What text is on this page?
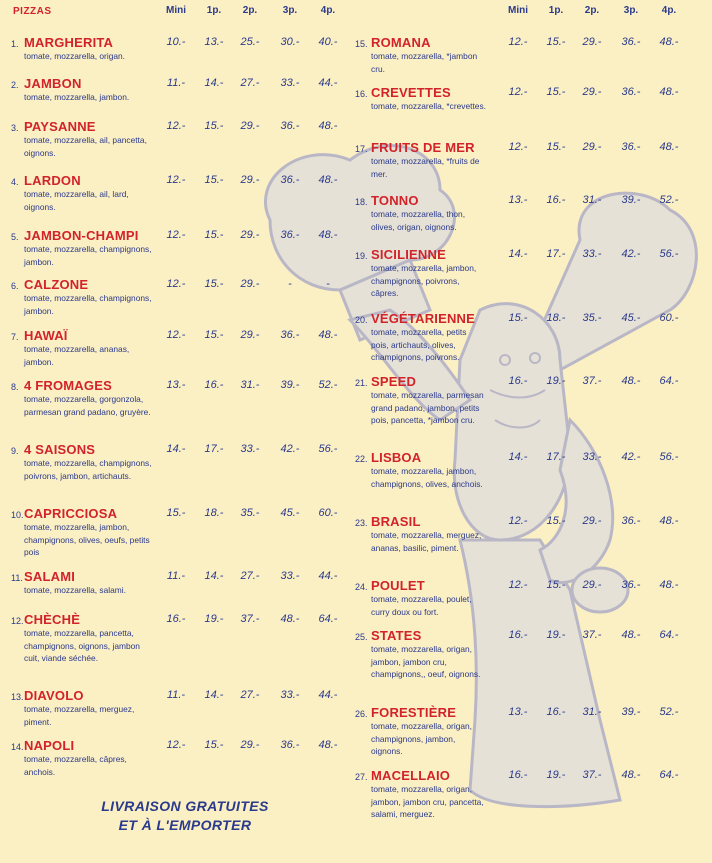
PIZZAS	Mini	1p.	2p.	3p.	4p.	Mini	1p.	2p.	3p.	4p.
1. MARGHERITA
tomate, mozzarella, origan.
10.-	13.-	25.-	30.-	40.-
2. JAMBON
tomate, mozzarella, jambon.
11.-	14.-	27.-	33.-	44.-
3. PAYSANNE
tomate, mozzarella, ail, pancetta, oignons.
12.-	15.-	29.-	36.-	48.-
4. LARDON
tomate, mozzarella, ail, lard, oignons.
12.-	15.-	29.-	36.-	48.-
5. JAMBON-CHAMPI
tomate, mozzarella, champignons, jambon.
12.-	15.-	29.-	36.-	48.-
6. CALZONE
tomate, mozzarella, champignons, jambon.
12.-	15.-	29.-	-	-
7. HAWAÏ
tomate, mozzarella, ananas, jambon.
12.-	15.-	29.-	36.-	48.-
8. 4 FROMAGES
tomate, mozzarella, gorgonzola, parmesan grand padano, gruyère.
13.-	16.-	31.-	39.-	52.-
9. 4 SAISONS
tomate, mozzarella, champignons, poivrons, jambon, artichauts.
14.-	17.-	33.-	42.-	56.-
10. CAPRICCIOSA
tomate, mozzarella, jambon, champignons, olives, oeufs, petits pois
15.-	18.-	35.-	45.-	60.-
11. SALAMI
tomate, mozzarella, salami.
11.-	14.-	27.-	33.-	44.-
12. CHÈCHÈ
tomate, mozzarella, pancetta, champignons, oignons, jambon cuit, viande séchée.
16.-	19.-	37.-	48.-	64.-
13. DIAVOLO
tomate, mozzarella, merguez, piment.
11.-	14.-	27.-	33.-	44.-
14. NAPOLI
tomate, mozzarella, câpres, anchois.
12.-	15.-	29.-	36.-	48.-
15. ROMANA
tomate, mozzarella, *jambon cru.
12.-	15.-	29.-	36.-	48.-
16. CREVETTES
tomate, mozzarella, *crevettes.
12.-	15.-	29.-	36.-	48.-
17. FRUITS DE MER
tomate, mozzarella, *fruits de mer.
12.-	15.-	29.-	36.-	48.-
18. TONNO
tomate, mozzarella, thon, olives, origan, oignons.
13.-	16.-	31.-	39.-	52.-
19. SICILIENNE
tomate, mozzarella, jambon, champignons, poivrons, câpres.
14.-	17.-	33.-	42.-	56.-
20. VÉGÉTARIENNE
tomate, mozzarella, petits pois, artichauts, olives, champignons, poivrons.
15.-	18.-	35.-	45.-	60.-
21. SPEED
tomate, mozzarella, parmesan grand padano, jambon, petits pois, pancetta, *jambon cru.
16.-	19.-	37.-	48.-	64.-
22. LISBOA
tomate, mozzarella, jambon, champignons, olives, anchois.
14.-	17.-	33.-	42.-	56.-
23. BRASIL
tomate, mozzarella, merguez, ananas, basilic, piment.
12.-	15.-	29.-	36.-	48.-
24. POULET
tomate, mozzarella, poulet, curry doux ou fort.
12.-	15.-	29.-	36.-	48.-
25. STATES
tomate, mozzarella, origan, jambon, jambon cru, champignons,, oeuf, oignons.
16.-	19.-	37.-	48.-	64.-
26. FORESTIÈRE
tomate, mozzarella, origan, champignons, jambon, oignons.
13.-	16.-	31.-	39.-	52.-
27. MACELLAIO
tomate, mozzarella, origan, jambon, jambon cru, pancetta, salami, merguez.
16.-	19.-	37.-	48.-	64.-
LIVRAISON GRATUITES
ET À L'EMPORTER
